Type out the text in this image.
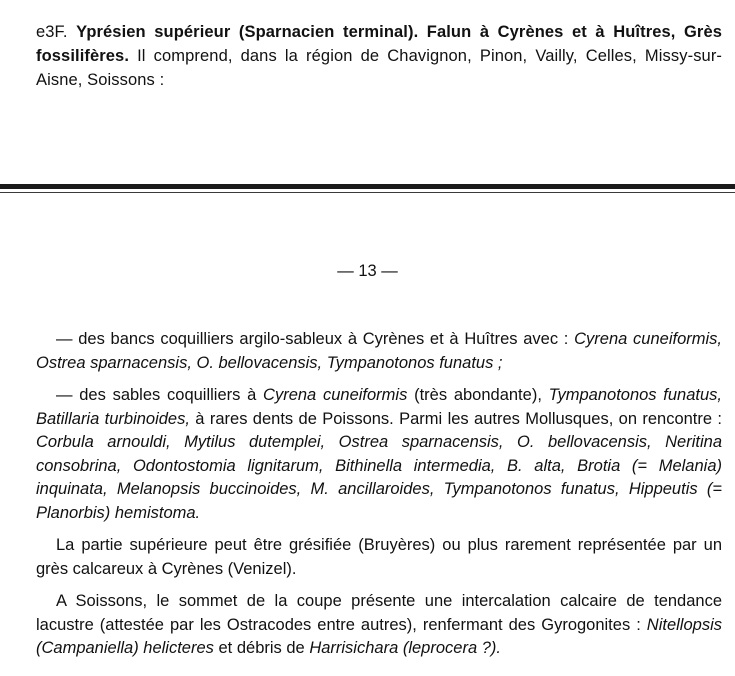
e3F. Yprésien supérieur (Sparnacien terminal). Falun à Cyrènes et à Huîtres, Grès fossilifères. Il comprend, dans la région de Chavignon, Pinon, Vailly, Celles, Missy-sur-Aisne, Soissons :
— 13 —

— des bancs coquilliers argilo-sableux à Cyrènes et à Huîtres avec : Cyrena cuneiformis, Ostrea sparnacensis, O. bellovacensis, Tympanotonos funatus ;

— des sables coquilliers à Cyrena cuneiformis (très abondante), Tympanotonos funatus, Batillaria turbinoides, à rares dents de Poissons. Parmi les autres Mollusques, on rencontre : Corbula arnouldi, Mytilus dutemplei, Ostrea sparnacensis, O. bellovacensis, Neritina consobrina, Odontostomia lignitarum, Bithinella intermedia, B. alta, Brotia (= Melania) inquinata, Melanopsis buccinoides, M. ancillaroides, Tympanotonos funatus, Hippeutis (= Planorbis) hemistoma.

La partie supérieure peut être grésifiée (Bruyères) ou plus rarement représentée par un grès calcareux à Cyrènes (Venizel).

A Soissons, le sommet de la coupe présente une intercalation calcaire de tendance lacustre (attestée par les Ostracodes entre autres), renfermant des Gyrogonites : Nitellopsis (Campaniella) helicteres et débris de Harrisichara (leprocera ?).
